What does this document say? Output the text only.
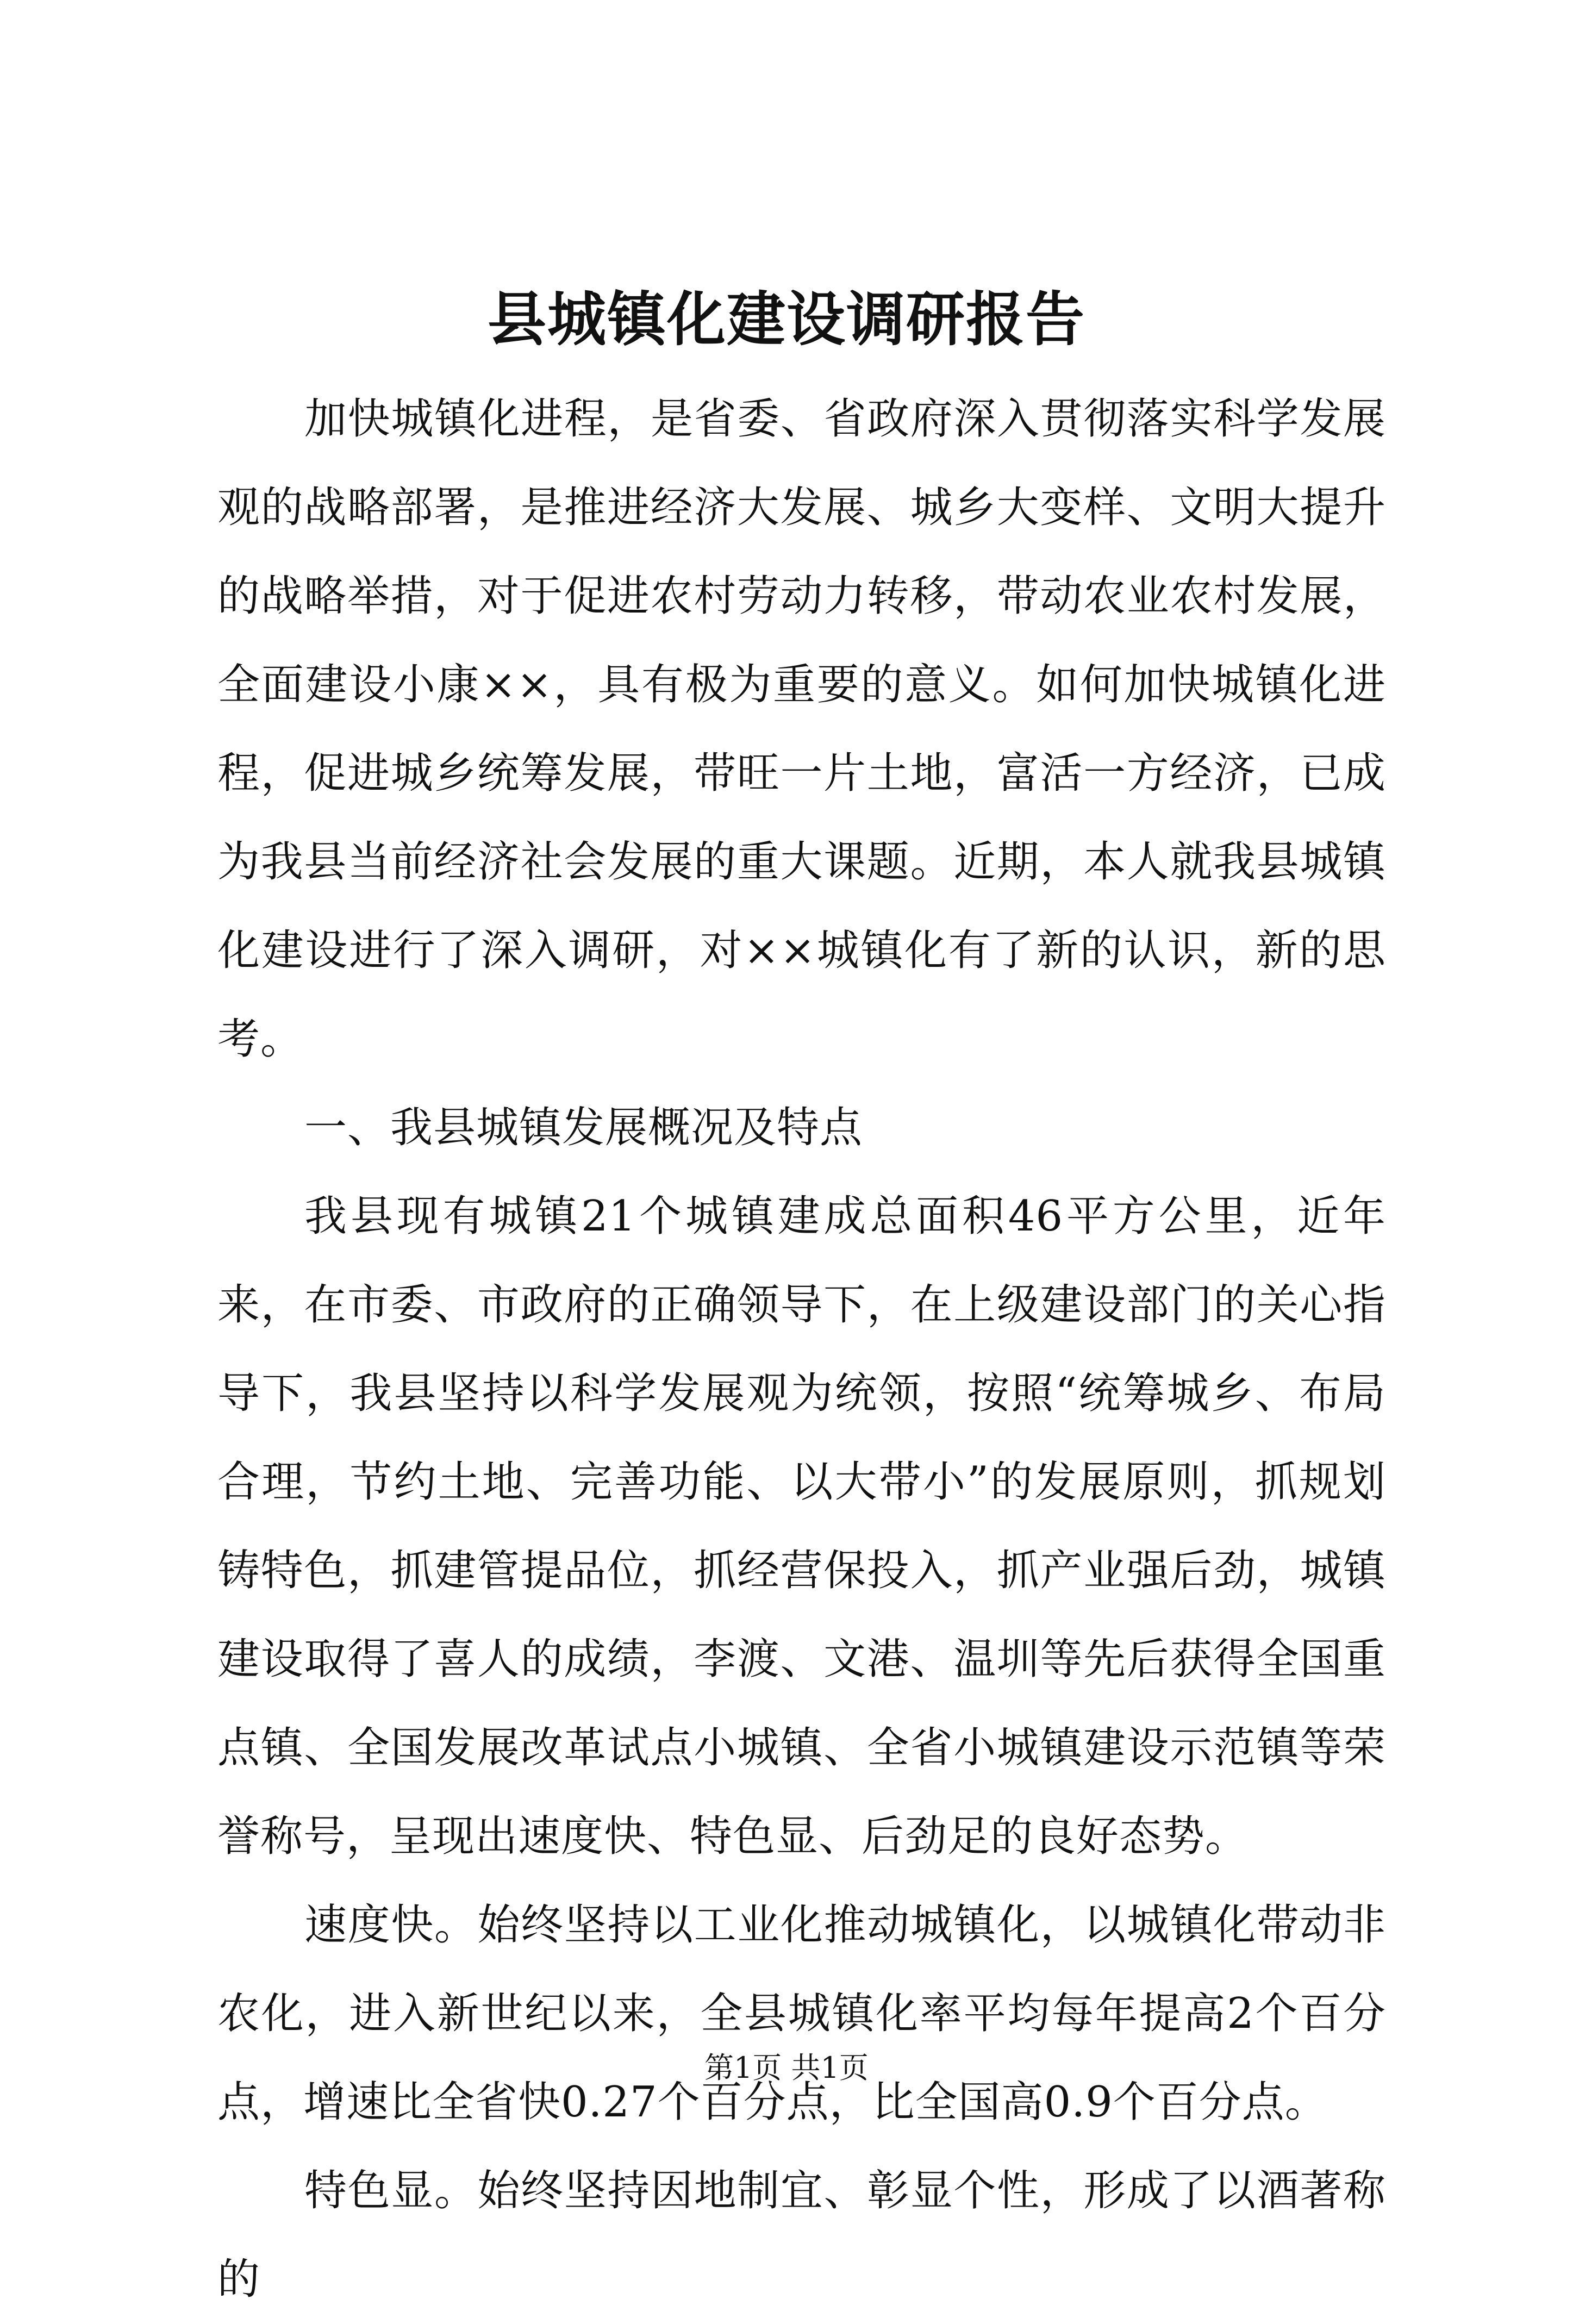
县城镇化建设调研报告

加快城镇化进程，是省委、省政府深入贯彻落实科学发展观的战略部署，是推进经济大发展、城乡大变样、文明大提升的战略举措，对于促进农村劳动力转移，带动农业农村发展，全面建设小康××，具有极为重要的意义。如何加快城镇化进程，促进城乡统筹发展，带旺一片土地，富活一方经济，已成为我县当前经济社会发展的重大课题。近期，本人就我县城镇化建设进行了深入调研，对××城镇化有了新的认识，新的思考。

一、我县城镇发展概况及特点

我县现有城镇21个城镇建成总面积46平方公里，近年来，在市委、市政府的正确领导下，在上级建设部门的关心指导下，我县坚持以科学发展观为统领，按照“统筹城乡、布局合理，节约土地、完善功能、以大带小”的发展原则，抓规划铸特色，抓建管提品位，抓经营保投入，抓产业强后劲，城镇建设取得了喜人的成绩，李渡、文港、温圳等先后获得全国重点镇、全国发展改革试点小城镇、全省小城镇建设示范镇等荣誉称号，呈现出速度快、特色显、后劲足的良好态势。

速度快。始终坚持以工业化推动城镇化，以城镇化带动非农化，进入新世纪以来，全县城镇化率平均每年提高2个百分点，增速比全省快0.27个百分点，比全国高0.9个百分点。

特色显。始终坚持因地制宜、彰显个性，形成了以酒著称的

第1页 共1页
